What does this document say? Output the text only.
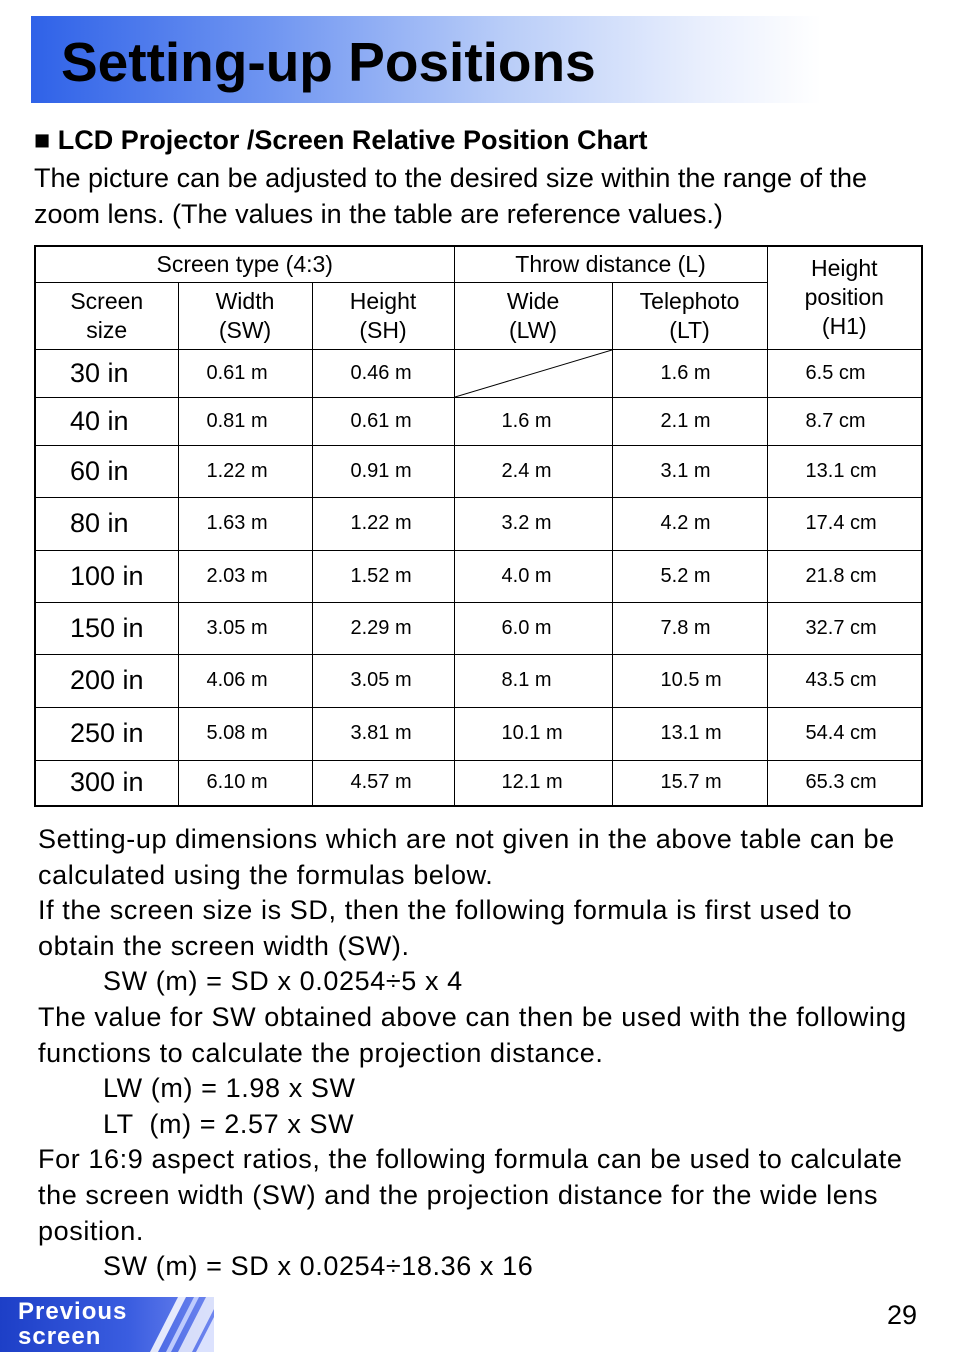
Setting-up Positions
■ LCD Projector /Screen Relative Position Chart
The picture can be adjusted to the desired size within the range of the zoom lens. (The values in the table are reference values.)
Screen type (4:3)			Throw distance (L)		Height position (H1)
Screen size	Width (SW)	Height (SH)	Wide (LW)	Telephoto (LT)	
30 in	0.61 m	0.46 m		1.6 m	6.5 cm
40 in	0.81 m	0.61 m	1.6 m	2.1 m	8.7 cm
60 in	1.22 m	0.91 m	2.4 m	3.1 m	13.1 cm
80 in	1.63 m	1.22 m	3.2 m	4.2 m	17.4 cm
100 in	2.03 m	1.52 m	4.0 m	5.2 m	21.8 cm
150 in	3.05 m	2.29 m	6.0 m	7.8 m	32.7 cm
200 in	4.06 m	3.05 m	8.1 m	10.5 m	43.5 cm
250 in	5.08 m	3.81 m	10.1 m	13.1 m	54.4 cm
300 in	6.10 m	4.57 m	12.1 m	15.7 m	65.3 cm

Setting-up dimensions which are not given in the above table can be calculated using the formulas below.

If the screen size is SD, then the following formula is first used to obtain the screen width (SW).

SW (m) = SD x 0.0254÷5 x 4

The value for SW obtained above can then be used with the following functions to calculate the projection distance.

LW (m) = 1.98 x SW

LT  (m) = 2.57 x SW

For 16:9 aspect ratios, the following formula can be used to calculate the screen width (SW) and the projection distance for the wide lens position.

SW (m) = SD x 0.0254÷18.36 x 16

Previous
screen
29
